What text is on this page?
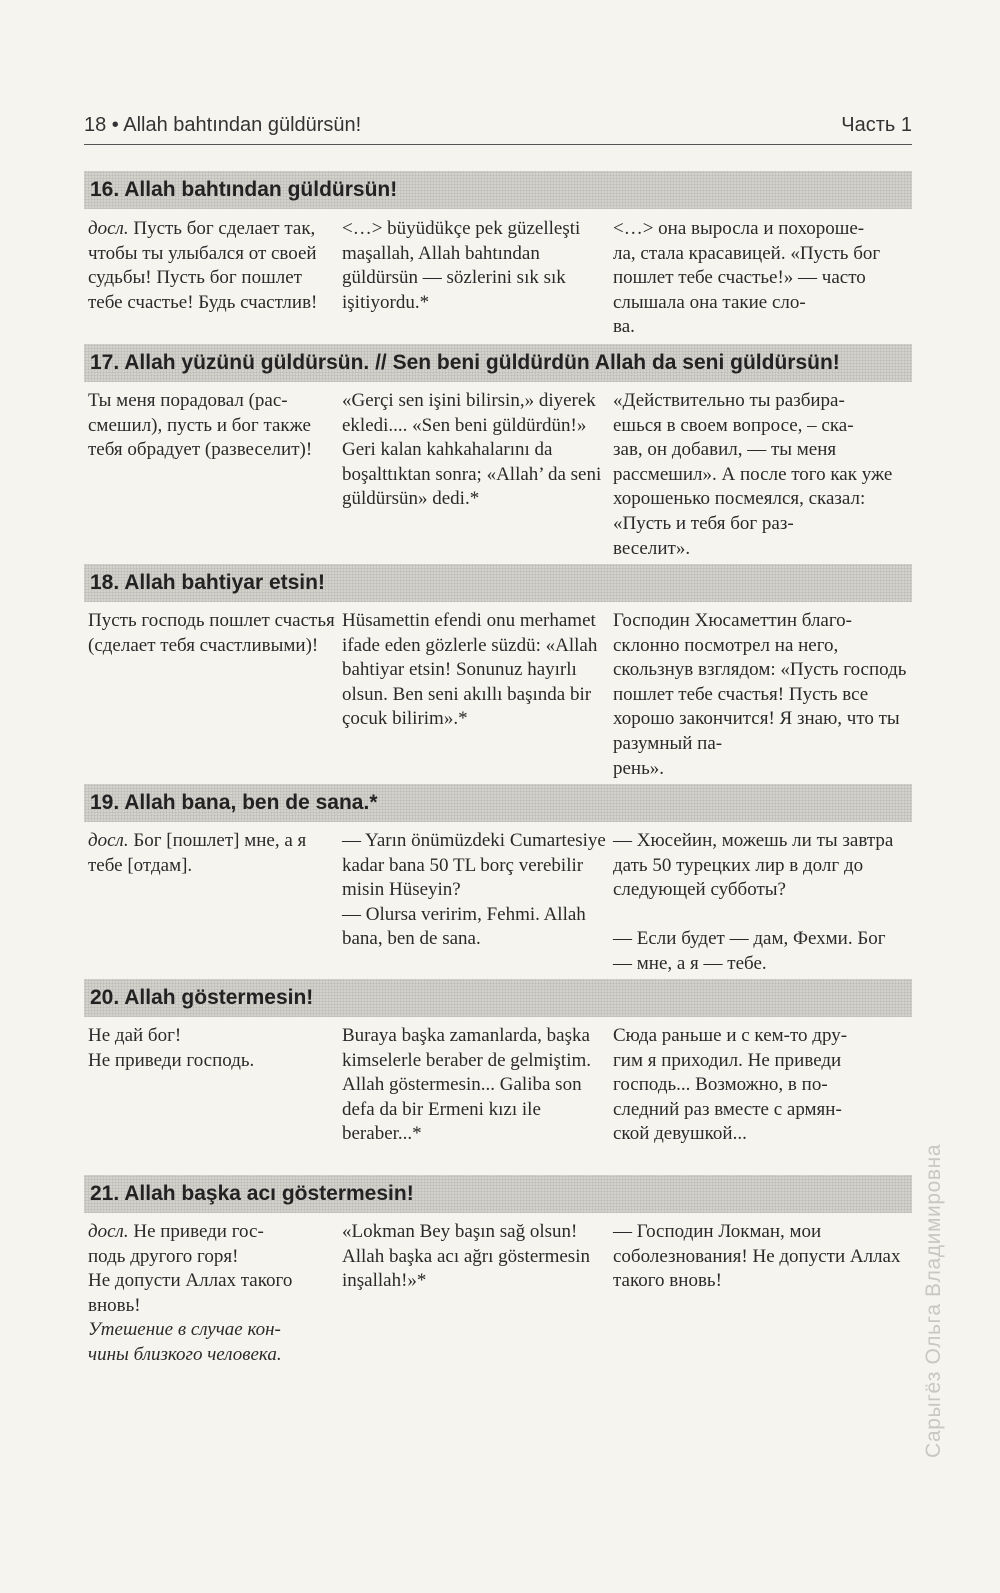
18 • Allah bahtından güldürsün!	Часть 1
16. Allah bahtından güldürsün!
досл. Пусть бог сделает так, чтобы ты улыбался от своей судьбы! Пусть бог пошлет тебе счастье! Будь счастлив!
<…> büyüdükçe pek güzelleşti maşallah, Allah bahtından güldürsün — sözlerini sık sık işitiyordu.*
<…> она выросла и похороше-
ла, стала красавицей. «Пусть бог пошлет тебе счастье!» — часто слышала она такие сло-
ва.
17. Allah yüzünü güldürsün. // Sen beni güldürdün Allah da seni güldürsün!
Ты меня порадовал (рас-
смешил), пусть и бог также тебя обрадует (развеселит)!
«Gerçi sen işini bilirsin,» diyerek ekledi.... «Sen beni güldürdün!» Geri kalan kahkahalarını da boşalttıktan sonra; «Allah’ da seni güldürsün» dedi.*
«Действительно ты разбира-
ешься в своем вопросе, – ска-
зав, он добавил, — ты меня рассмешил». А после того как уже хорошенько посмеялся, сказал: «Пусть и тебя бог раз-
веселит».
18. Allah bahtiyar etsin!
Пусть господь пошлет счастья (сделает тебя счастливыми)!
Hüsamettin efendi onu merhamet ifade eden gözlerle süzdü: «Allah bahtiyar etsin! Sonunuz hayırlı olsun. Ben seni akıllı başında bir çocuk bilirim».*
Господин Хюсаметтин благо-
склонно посмотрел на него, скользнув взглядом: «Пусть господь пошлет тебе счастья! Пусть все хорошо закончится! Я знаю, что ты разумный па-
рень».
19. Allah bana, ben de sana.*
досл. Бог [пошлет] мне, а я тебе [отдам].
— Yarın önümüzdeki Cumartesiye kadar bana 50 TL borç verebilir misin Hüseyin?
— Olursa veririm, Fehmi. Allah bana, ben de sana.
— Хюсейин, можешь ли ты завтра дать 50 турецких лир в долг до следующей субботы?

— Если будет — дам, Фехми. Бог — мне, а я — тебе.
20. Allah göstermesin!
Не дай бог!
Не приведи господь.
Buraya başka zamanlarda, başka kimselerle beraber de gelmiştim. Allah göstermesin... Galiba son defa da bir Ermeni kızı ile beraber...*
Сюда раньше и с кем-то дру-
гим я приходил. Не приведи господь... Возможно, в по-
следний раз вместе с армян-
ской девушкой...
21. Allah başka acı göstermesin!
досл. Не приведи гос-
подь другого горя!
Не допусти Аллах такого вновь!
Утешение в случае кон-
чины близкого человека.
«Lokman Bey başın sağ olsun! Allah başka acı ağrı göstermesin inşallah!»*
— Господин Локман, мои соболезнования! Не допусти Аллах такого вновь!	Сарыгёз Ольга Владимировна
